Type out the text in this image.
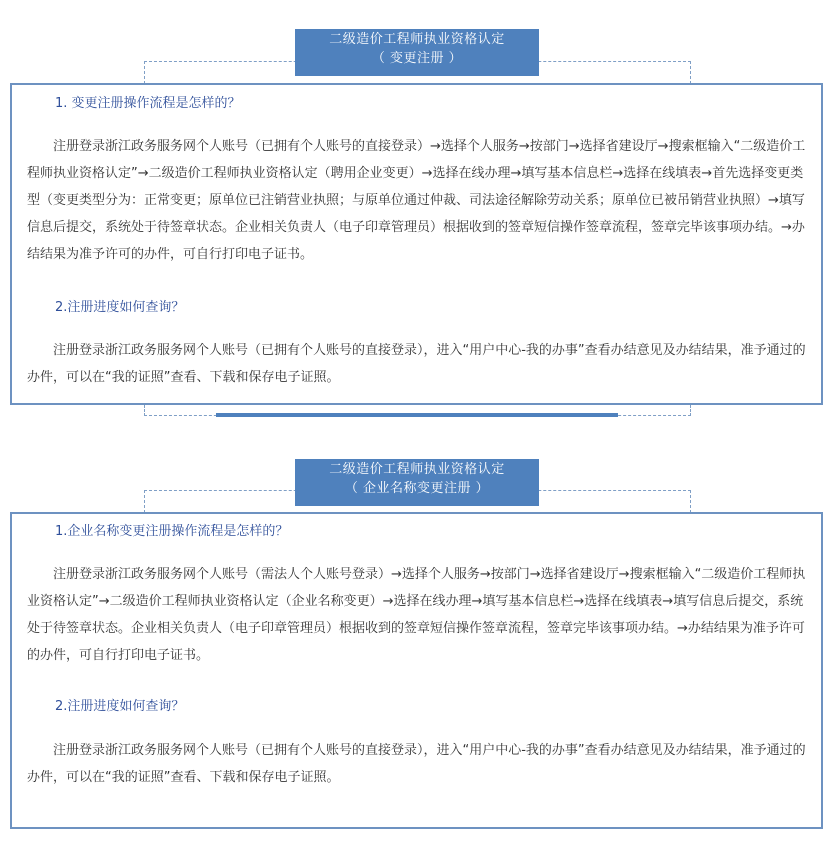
二级造价工程师执业资格认定
（ 变更注册 ）
1. 变更注册操作流程是怎样的？
注册登录浙江政务服务网个人账号（已拥有个人账号的直接登录）→选择个人服务→按部门→选择省建设厅→搜索框输入“二级造价工程师执业资格认定”→二级造价工程师执业资格认定（聘用企业变更）→选择在线办理→填写基本信息栏→选择在线填表→首先选择变更类型（变更类型分为：正常变更；原单位已注销营业执照；与原单位通过仲裁、司法途径解除劳动关系；原单位已被吊销营业执照）→填写信息后提交，系统处于待签章状态。企业相关负责人（电子印章管理员）根据收到的签章短信操作签章流程，签章完毕该事项办结。→办结结果为准予许可的办件，可自行打印电子证书。
2.注册进度如何查询？
注册登录浙江政务服务网个人账号（已拥有个人账号的直接登录），进入“用户中心-我的办事”查看办结意见及办结结果，准予通过的办件，可以在“我的证照”查看、下载和保存电子证照。
二级造价工程师执业资格认定
（ 企业名称变更注册 ）
1.企业名称变更注册操作流程是怎样的？
注册登录浙江政务服务网个人账号（需法人个人账号登录）→选择个人服务→按部门→选择省建设厅→搜索框输入“二级造价工程师执业资格认定”→二级造价工程师执业资格认定（企业名称变更）→选择在线办理→填写基本信息栏→选择在线填表→填写信息后提交，系统处于待签章状态。企业相关负责人（电子印章管理员）根据收到的签章短信操作签章流程，签章完毕该事项办结。→办结结果为准予许可的办件，可自行打印电子证书。
2.注册进度如何查询？
注册登录浙江政务服务网个人账号（已拥有个人账号的直接登录），进入“用户中心-我的办事”查看办结意见及办结结果，准予通过的办件，可以在“我的证照”查看、下载和保存电子证照。
